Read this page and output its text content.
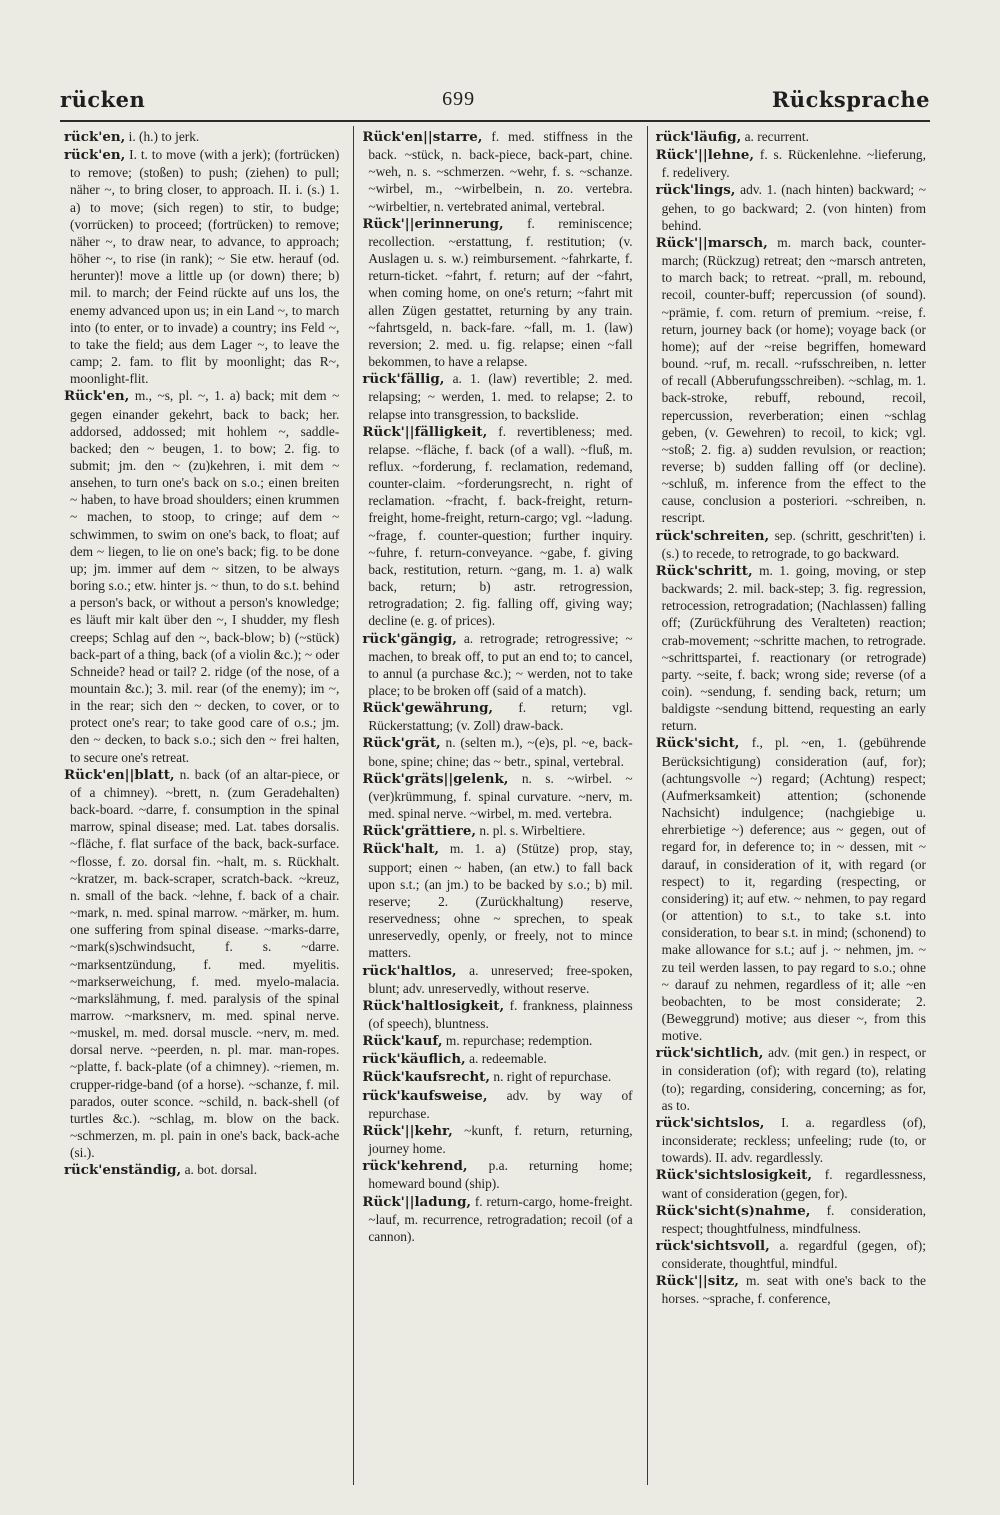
rücken	699	Rücksprache

rück'en, i. (h.) to jerk.

rück'en, I. t. to move (with a jerk); (fortrücken) to remove; (stoßen) to push; (ziehen) to pull; näher ~, to bring closer, to approach. II. i. (s.) 1. a) to move; (sich regen) to stir, to budge; (vorrücken) to proceed; (fortrücken) to remove; näher ~, to draw near, to advance, to approach; höher ~, to rise (in rank); ~ Sie etw. herauf (od. herunter)! move a little up (or down) there; b) mil. to march; der Feind rückte auf uns los, the enemy advanced upon us; in ein Land ~, to march into (to enter, or to invade) a country; ins Feld ~, to take the field; aus dem Lager ~, to leave the camp; 2. fam. to flit by moonlight; das R~, moonlight-flit.

Rück'en, m., ~s, pl. ~, 1. a) back; mit dem ~ gegen einander gekehrt, back to back; her. addorsed, addossed; mit hohlem ~, saddle-backed; den ~ beugen, 1. to bow; 2. fig. to submit; jm. den ~ (zu)kehren, i. mit dem ~ ansehen, to turn one's back on s.o.; einen breiten ~ haben, to have broad shoulders; einen krummen ~ machen, to stoop, to cringe; auf dem ~ schwimmen, to swim on one's back, to float; auf dem ~ liegen, to lie on one's back; fig. to be done up; jm. immer auf dem ~ sitzen, to be always boring s.o.; etw. hinter js. ~ thun, to do s.t. behind a person's back, or without a person's knowledge; es läuft mir kalt über den ~, I shudder, my flesh creeps; Schlag auf den ~, back-blow; b) (~stück) back-part of a thing, back (of a violin &c.); ~ oder Schneide? head or tail? 2. ridge (of the nose, of a mountain &c.); 3. mil. rear (of the enemy); im ~, in the rear; sich den ~ decken, to cover, or to protect one's rear; to take good care of o.s.; jm. den ~ decken, to back s.o.; sich den ~ frei halten, to secure one's retreat.

Rück'en||blatt, n. back (of an altar-piece, or of a chimney). ~brett, n. (zum Geradehalten) back-board. ~darre, f. consumption in the spinal marrow, spinal disease; med. Lat. tabes dorsalis. ~fläche, f. flat surface of the back, back-surface. ~flosse, f. zo. dorsal fin. ~halt, m. s. Rückhalt. ~kratzer, m. back-scraper, scratch-back. ~kreuz, n. small of the back. ~lehne, f. back of a chair. ~mark, n. med. spinal marrow. ~märker, m. hum. one suffering from spinal disease. ~marks-darre, ~mark(s)schwindsucht, f. s. ~darre. ~marksentzündung, f. med. myelitis. ~markserweichung, f. med. myelo-malacia. ~markslähmung, f. med. paralysis of the spinal marrow. ~marksnerv, m. med. spinal nerve. ~muskel, m. med. dorsal muscle. ~nerv, m. med. dorsal nerve. ~peerden, n. pl. mar. man-ropes. ~platte, f. back-plate (of a chimney). ~riemen, m. crupper-ridge-band (of a horse). ~schanze, f. mil. parados, outer sconce. ~schild, n. back-shell (of turtles &c.). ~schlag, m. blow on the back. ~schmerzen, m. pl. pain in one's back, back-ache (si.).

rück'enständig, a. bot. dorsal.

Rück'en||starre, f. med. stiffness in the back. ~stück, n. back-piece, back-part, chine. ~weh, n. s. ~schmerzen. ~wehr, f. s. ~schanze. ~wirbel, m., ~wirbelbein, n. zo. vertebra. ~wirbeltier, n. vertebrated animal, vertebral.

Rück'||erinnerung, f. reminiscence; recollection. ~erstattung, f. restitution; (v. Auslagen u. s. w.) reimbursement. ~fahrkarte, f. return-ticket. ~fahrt, f. return; auf der ~fahrt, when coming home, on one's return; ~fahrt mit allen Zügen gestattet, returning by any train. ~fahrtsgeld, n. back-fare. ~fall, m. 1. (law) reversion; 2. med. u. fig. relapse; einen ~fall bekommen, to have a relapse.

rück'fällig, a. 1. (law) revertible; 2. med. relapsing; ~ werden, 1. med. to relapse; 2. to relapse into transgression, to backslide.

Rück'||fälligkeit, f. revertibleness; med. relapse. ~fläche, f. back (of a wall). ~fluß, m. reflux. ~forderung, f. reclamation, redemand, counter-claim. ~forderungsrecht, n. right of reclamation. ~fracht, f. back-freight, return-freight, home-freight, return-cargo; vgl. ~ladung. ~frage, f. counter-question; further inquiry. ~fuhre, f. return-conveyance. ~gabe, f. giving back, restitution, return. ~gang, m. 1. a) walk back, return; b) astr. retrogression, retrogradation; 2. fig. falling off, giving way; decline (e. g. of prices).

rück'gängig, a. retrograde; retrogressive; ~ machen, to break off, to put an end to; to cancel, to annul (a purchase &c.); ~ werden, not to take place; to be broken off (said of a match).

Rück'gewährung, f. return; vgl. Rückerstattung; (v. Zoll) draw-back.

Rück'grät, n. (selten m.), ~(e)s, pl. ~e, back-bone, spine; chine; das ~ betr., spinal, vertebral.

Rück'gräts||gelenk, n. s. ~wirbel. ~(ver)krümmung, f. spinal curvature. ~nerv, m. med. spinal nerve. ~wirbel, m. med. vertebra.

Rück'grättiere, n. pl. s. Wirbeltiere.

Rück'halt, m. 1. a) (Stütze) prop, stay, support; einen ~ haben, (an etw.) to fall back upon s.t.; (an jm.) to be backed by s.o.; b) mil. reserve; 2. (Zurückhaltung) reserve, reservedness; ohne ~ sprechen, to speak unreservedly, openly, or freely, not to mince matters.

rück'haltlos, a. unreserved; free-spoken, blunt; adv. unreservedly, without reserve.

Rück'haltlosigkeit, f. frankness, plainness (of speech), bluntness.

Rück'kauf, m. repurchase; redemption.

rück'käuflich, a. redeemable.

Rück'kaufsrecht, n. right of repurchase.

rück'kaufsweise, adv. by way of repurchase.

Rück'||kehr, ~kunft, f. return, returning, journey home.

rück'kehrend, p.a. returning home; homeward bound (ship).

Rück'||ladung, f. return-cargo, home-freight. ~lauf, m. recurrence, retrogradation; recoil (of a cannon).

rück'läufig, a. recurrent.

Rück'||lehne, f. s. Rückenlehne. ~lieferung, f. redelivery.

rück'lings, adv. 1. (nach hinten) backward; ~ gehen, to go backward; 2. (von hinten) from behind.

Rück'||marsch, m. march back, counter-march; (Rückzug) retreat; den ~marsch antreten, to march back; to retreat. ~prall, m. rebound, recoil, counter-buff; repercussion (of sound). ~prämie, f. com. return of premium. ~reise, f. return, journey back (or home); voyage back (or home); auf der ~reise begriffen, homeward bound. ~ruf, m. recall. ~rufsschreiben, n. letter of recall (Abberufungsschreiben). ~schlag, m. 1. back-stroke, rebuff, rebound, recoil, repercussion, reverberation; einen ~schlag geben, (v. Gewehren) to recoil, to kick; vgl. ~stoß; 2. fig. a) sudden revulsion, or reaction; reverse; b) sudden falling off (or decline). ~schluß, m. inference from the effect to the cause, conclusion a posteriori. ~schreiben, n. rescript.

rück'schreiten, sep. (schritt, geschrit'ten) i. (s.) to recede, to retrograde, to go backward.

Rück'schritt, m. 1. going, moving, or step backwards; 2. mil. back-step; 3. fig. regression, retrocession, retrogradation; (Nachlassen) falling off; (Zurückführung des Veralteten) reaction; crab-movement; ~schritte machen, to retrograde. ~schrittspartei, f. reactionary (or retrograde) party. ~seite, f. back; wrong side; reverse (of a coin). ~sendung, f. sending back, return; um baldigste ~sendung bittend, requesting an early return.

Rück'sicht, f., pl. ~en, 1. (gebührende Berücksichtigung) consideration (auf, for); (achtungsvolle ~) regard; (Achtung) respect; (Aufmerksamkeit) attention; (schonende Nachsicht) indulgence; (nachgiebige u. ehrerbietige ~) deference; aus ~ gegen, out of regard for, in deference to; in ~ dessen, mit ~ darauf, in consideration of it, with regard (or respect) to it, regarding (respecting, or considering) it; auf etw. ~ nehmen, to pay regard (or attention) to s.t., to take s.t. into consideration, to bear s.t. in mind; (schonend) to make allowance for s.t.; auf j. ~ nehmen, jm. ~ zu teil werden lassen, to pay regard to s.o.; ohne ~ darauf zu nehmen, regardless of it; alle ~en beobachten, to be most considerate; 2. (Beweggrund) motive; aus dieser ~, from this motive.

rück'sichtlich, adv. (mit gen.) in respect, or in consideration (of); with regard (to), relating (to); regarding, considering, concerning; as for, as to.

rück'sichtslos, I. a. regardless (of), inconsiderate; reckless; unfeeling; rude (to, or towards). II. adv. regardlessly.

Rück'sichtslosigkeit, f. regardlessness, want of consideration (gegen, for).

Rück'sicht(s)nahme, f. consideration, respect; thoughtfulness, mindfulness.

rück'sichtsvoll, a. regardful (gegen, of); considerate, thoughtful, mindful.

Rück'||sitz, m. seat with one's back to the horses. ~sprache, f. conference,
